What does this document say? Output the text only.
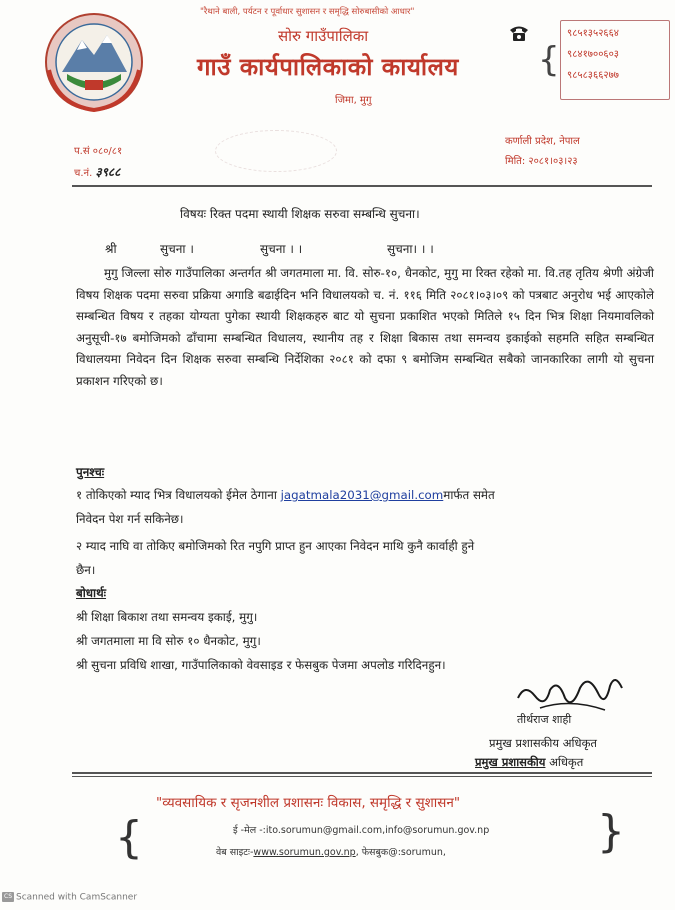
"रैथाने बाली, पर्यटन र पूर्वाधार सुशासन र समृद्धि सोरुबासीको आधार"
सोरु गाउँपालिका
गाउँ कार्यपालिकाको कार्यालय
जिमा, मुगु
{
९८५१३५२६६४
९८४१७००६०३
९८५८३६६२७७
प.सं ०८०/८१
च.नं. ३९८८
कर्णाली प्रदेश, नेपाल
मिति: २०८१।०३।२३
विषयः रिक्त पदमा स्थायी शिक्षक सरुवा सम्बन्धि सुचना।
श्री	सुचना ।	सुचना । ।	सुचना। । ।
मुगु जिल्ला सोरु गाउँपालिका अन्तर्गत श्री जगतमाला मा. वि. सोरु-१०, धैनकोट, मुगु मा रिक्त रहेको मा. वि.तह तृतिय श्रेणी अंग्रेजी विषय शिक्षक पदमा सरुवा प्रक्रिया अगाडि बढाईदिन भनि विधालयको च. नं. ११६ मिति २०८१।०३।०९ को पत्रबाट अनुरोध भई आएकोले सम्बन्धित विषय र तहका योग्यता पुगेका स्थायी शिक्षकहरु बाट यो सुचना प्रकाशित भएको मितिले १५ दिन भित्र शिक्षा नियमावलिको अनुसूची-१७ बमोजिमको ढाँचामा सम्बन्धित विधालय, स्थानीय तह र शिक्षा बिकास तथा समन्वय इकाईको सहमति सहित सम्बन्धित विधालयमा निवेदन दिन शिक्षक सरुवा सम्बन्धि निर्देशिका २०८१ को दफा ९ बमोजिम सम्बन्धित सबैको जानकारिका लागी यो सुचना प्रकाशन गरिएको छ।
पुनश्चः
१ तोकिएको म्याद भित्र विधालयको ईमेल ठेगाना jagatmala2031@gmail.comमार्फत समेत
निवेदन पेश गर्न सकिनेछ।
२ म्याद नाघि वा तोकिए बमोजिमको रित नपुगि प्राप्त हुन आएका निवेदन माथि कुनै कार्वाही हुने
छैन।
बोधार्थः
श्री शिक्षा बिकाश तथा समन्वय इकाई, मुगु।
श्री जगतमाला मा वि सोरु १० धैनकोट, मुगु।
श्री सुचना प्रविधि शाखा, गाउँपालिकाको वेवसाइड र फेसबुक पेजमा अपलोड गरिदिनहुन।
तीर्थराज शाही
प्रमुख प्रशासकीय अधिकृत
प्रमुख प्रशासकीय अधिकृत
"व्यवसायिक र सृजनशील प्रशासनः विकास, समृद्धि र सुशासन"
{	}
ई -मेल -:ito.sorumun@gmail.com,info@sorumun.gov.np
वेब साइटः-www.sorumun.gov.np, फेसबुक@:sorumun,
CS Scanned with CamScanner
